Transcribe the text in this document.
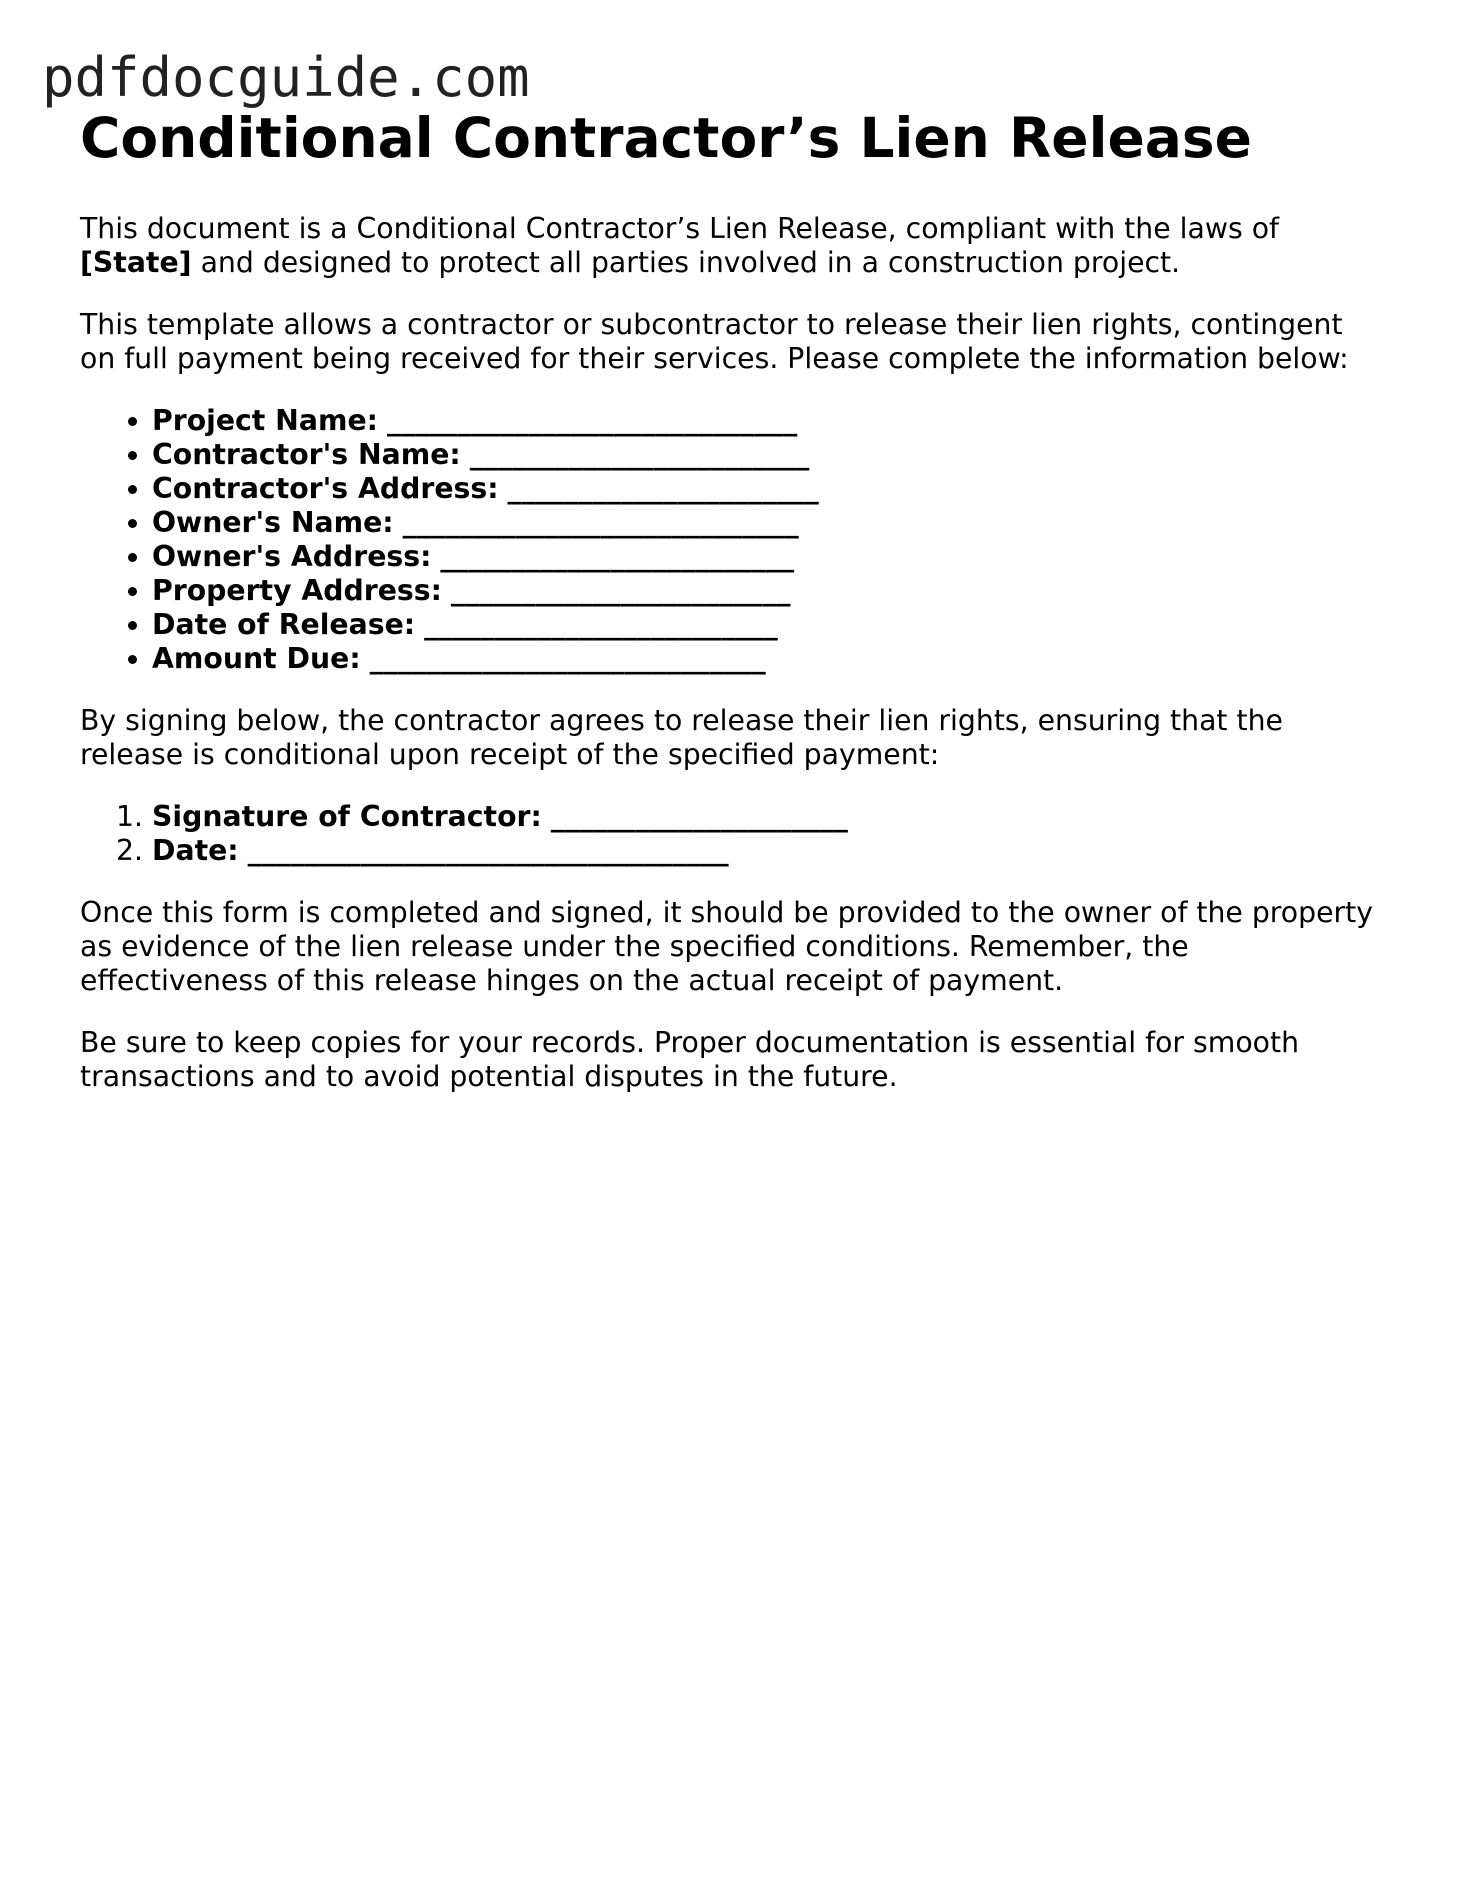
pdfdocguide.com
Conditional Contractor’s Lien Release

This document is a Conditional Contractor’s Lien Release, compliant with the laws of [State] and designed to protect all parties involved in a construction project.

This template allows a contractor or subcontractor to release their lien rights, contingent on full payment being received for their services. Please complete the information below:

• Project Name: _____________________________
• Contractor's Name: ________________________
• Contractor's Address: ______________________
• Owner's Name: ____________________________
• Owner's Address: _________________________
• Property Address: ________________________
• Date of Release: _________________________
• Amount Due: ____________________________

By signing below, the contractor agrees to release their lien rights, ensuring that the release is conditional upon receipt of the specified payment:

1. Signature of Contractor: _____________________
2. Date: __________________________________

Once this form is completed and signed, it should be provided to the owner of the property as evidence of the lien release under the specified conditions. Remember, the effectiveness of this release hinges on the actual receipt of payment.

Be sure to keep copies for your records. Proper documentation is essential for smooth transactions and to avoid potential disputes in the future.
